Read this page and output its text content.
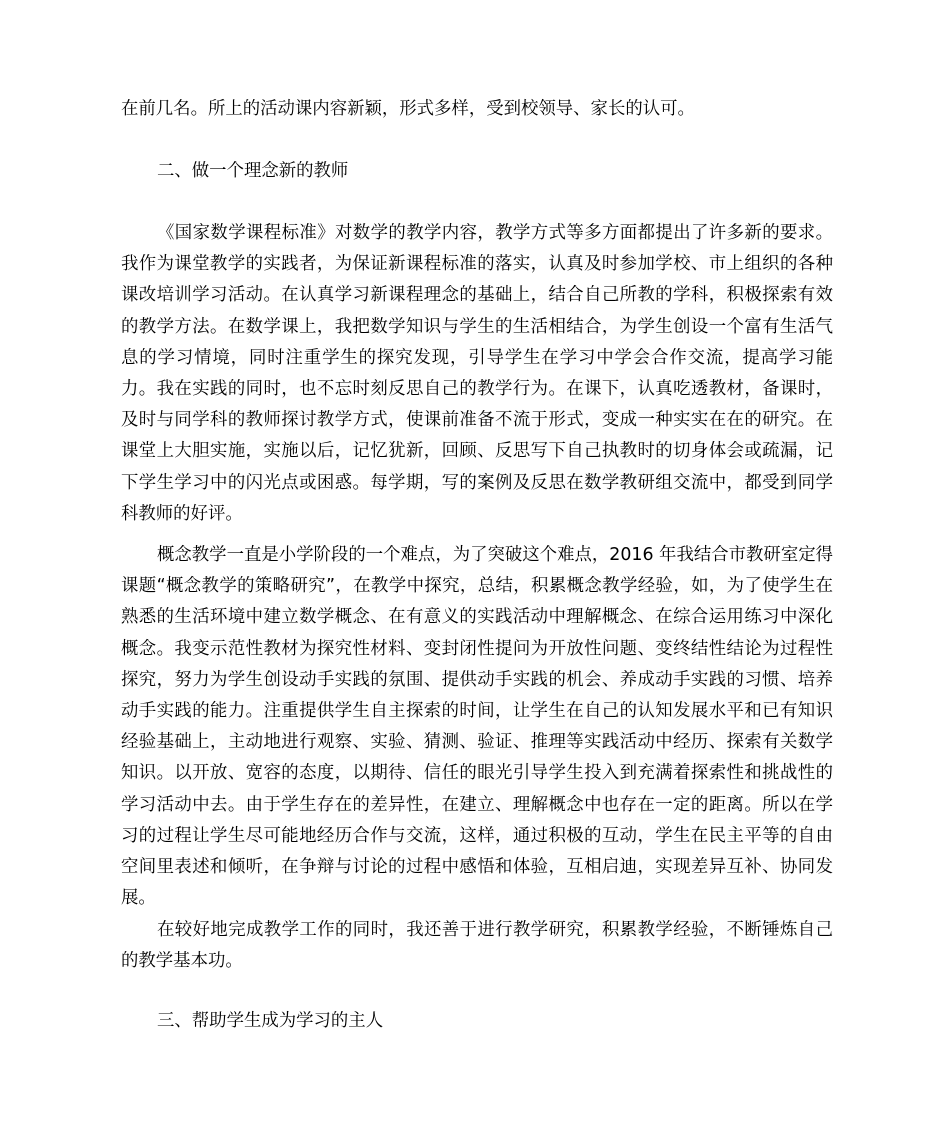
在前几名。所上的活动课内容新颖，形式多样，受到校领导、家长的认可。

二、做一个理念新的教师

《国家数学课程标准》对数学的教学内容，教学方式等多方面都提出了许多新的要求。我作为课堂教学的实践者，为保证新课程标准的落实，认真及时参加学校、市上组织的各种课改培训学习活动。在认真学习新课程理念的基础上，结合自己所教的学科，积极探索有效的教学方法。在数学课上，我把数学知识与学生的生活相结合，为学生创设一个富有生活气息的学习情境，同时注重学生的探究发现，引导学生在学习中学会合作交流，提高学习能力。我在实践的同时，也不忘时刻反思自己的教学行为。在课下，认真吃透教材，备课时，及时与同学科的教师探讨教学方式，使课前准备不流于形式，变成一种实实在在的研究。在课堂上大胆实施，实施以后，记忆犹新，回顾、反思写下自己执教时的切身体会或疏漏，记下学生学习中的闪光点或困惑。每学期，写的案例及反思在数学教研组交流中，都受到同学科教师的好评。

概念教学一直是小学阶段的一个难点，为了突破这个难点，2016 年我结合市教研室定得课题“概念教学的策略研究”，在教学中探究，总结，积累概念教学经验，如，为了使学生在熟悉的生活环境中建立数学概念、在有意义的实践活动中理解概念、在综合运用练习中深化概念。我变示范性教材为探究性材料、变封闭性提问为开放性问题、变终结性结论为过程性探究，努力为学生创设动手实践的氛围、提供动手实践的机会、养成动手实践的习惯、培养动手实践的能力。注重提供学生自主探索的时间，让学生在自己的认知发展水平和已有知识经验基础上，主动地进行观察、实验、猜测、验证、推理等实践活动中经历、探索有关数学知识。以开放、宽容的态度，以期待、信任的眼光引导学生投入到充满着探索性和挑战性的学习活动中去。由于学生存在的差异性，在建立、理解概念中也存在一定的距离。所以在学习的过程让学生尽可能地经历合作与交流，这样，通过积极的互动，学生在民主平等的自由空间里表述和倾听，在争辩与讨论的过程中感悟和体验，互相启迪，实现差异互补、协同发展。

在较好地完成教学工作的同时，我还善于进行教学研究，积累教学经验，不断锤炼自己的教学基本功。

三、帮助学生成为学习的主人
